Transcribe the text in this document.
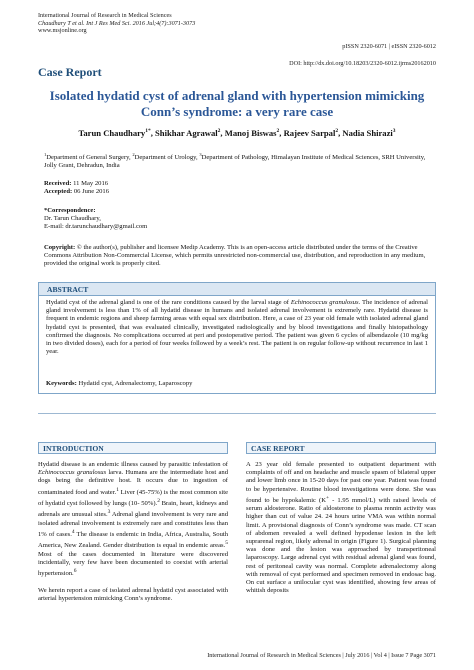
International Journal of Research in Medical Sciences
Chaudhary T et al. Int J Res Med Sci. 2016 Jul;4(7):3071-3073
www.msjonline.org
pISSN 2320-6071 | eISSN 2320-6012
DOI: http://dx.doi.org/10.18203/2320-6012.ijrms20162010
Case Report
Isolated hydatid cyst of adrenal gland with hypertension mimicking
Conn’s syndrome: a very rare case
Tarun Chaudhary$^{1*}$, Shikhar Agrawal$^2$, Manoj Biswas$^2$, Rajeev Sarpal$^2$, Nadia Shirazi$^3$
$^1$Department of General Surgery, $^2$Department of Urology, $^3$Department of Pathology, Himalayan Institute of Medical Sciences, SRH University, Jolly Grant, Dehradun, India
Received: 11 May 2016
Accepted: 06 June 2016
*Correspondence:
Dr. Tarun Chaudhary,
E-mail: dr.tarunchaudhary@gmail.com
Copyright: © the author(s), publisher and licensee Medip Academy. This is an open-access article distributed under the terms of the Creative Commons Attribution Non-Commercial License, which permits unrestricted non-commercial use, distribution, and reproduction in any medium, provided the original work is properly cited.
ABSTRACT
Hydatid cyst of the adrenal gland is one of the rare conditions caused by the larval stage of Echinococcus granulosus. The incidence of adrenal gland involvement is less than 1% of all hydatid disease in humans and isolated adrenal involvement is extremely rare. Hydatid disease is frequent in endemic regions and sheep farming areas with equal sex distribution. Here, a case of 23 year old female with isolated adrenal gland hydatid cyst is presented, that was evaluated clinically, investigated radiologically and by blood investigations and finally histopathology confirmed the diagnosis. No complications occurred at peri and postoperative period. The patient was given 6 cycles of albendazole (10 mg/kg in two divided doses), each for a period of four weeks followed by a week’s rest. The patient is on regular follow-up without recurrence in last 1 year.
Keywords: Hydatid cyst, Adrenalectomy, Laparoscopy
INTRODUCTION

Hydatid disease is an endemic illness caused by parasitic infestation of Echinococcus granulosus larva. Humans are the intermediate host and dogs being the definitive host. It occurs due to ingestion of contaminated food and water.$^1$ Liver (45-75%) is the most common site of hydatid cyst followed by lungs (10- 50%).$^2$ Brain, heart, kidneys and adrenals are unusual sites.$^3$ Adrenal gland involvement is very rare and isolated adrenal involvement is extremely rare and constitutes less than 1% of cases.$^4$ The disease is endemic in India, Africa, Australia, South America, New Zealand. Gender distribution is equal in endemic areas.$^5$ Most of the cases documented in literature were discovered incidentally, very few have been documented to coexist with arterial hypertension.$^6$

We herein report a case of isolated adrenal hydatid cyst associated with arterial hypertension mimicking Conn’s syndrome.

CASE REPORT

A 23 year old female presented to outpatient department with complaints of off and on headache and muscle spasm of bilateral upper and lower limb once in 15-20 days for past one year. Patient was found to be hypertensive. Routine blood investigations were done. She was found to be hypokalemic (K+ - 1.95 mmol/L) with raised levels of serum aldosterone. Ratio of aldosterone to plasma rennin activity was higher than cut of value 24. 24 hours urine VMA was within normal limit. A provisional diagnosis of Conn’s syndrome was made. CT scan of abdomen revealed a well defined hypodense lesion in the left suprarenal region, likely adrenal in origin (Figure 1). Surgical planning was done and the lesion was approached by transperitoneal laparoscopy. Large adrenal cyst with residual adrenal gland was found, rest of peritoneal cavity was normal. Complete adrenalectomy along with removal of cyst performed and specimen removed in endosac bag. On cut surface a unilocular cyst was identified, showing few areas of whitish deposits

International Journal of Research in Medical Sciences | July 2016 | Vol 4 | Issue 7 Page 3071
